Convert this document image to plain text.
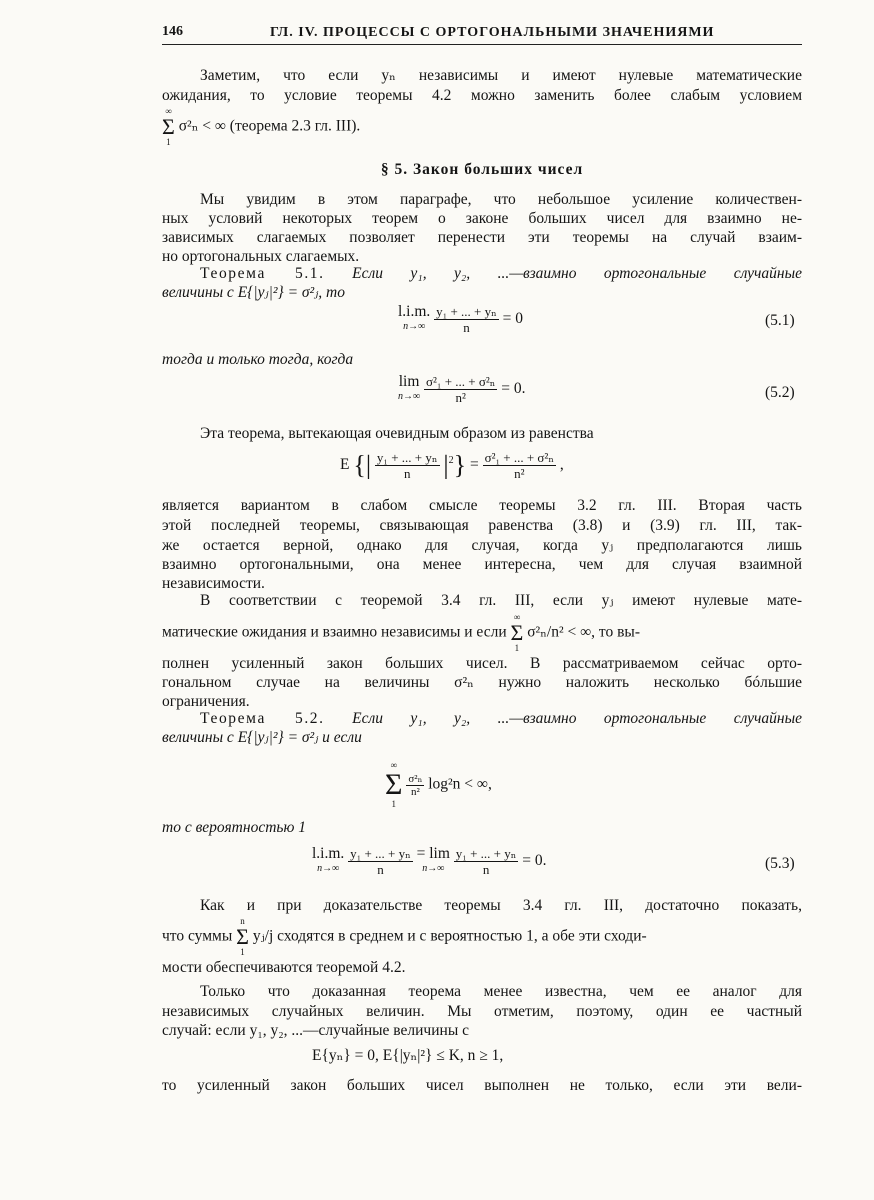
146	ГЛ. IV. ПРОЦЕССЫ С ОРТОГОНАЛЬНЫМИ ЗНАЧЕНИЯМИ
Заметим, что если yₙ независимы и имеют нулевые математические
ожидания, то условие теоремы 4.2 можно заменить более слабым условием
∞
Σ
1
σ²ₙ < ∞ (теорема 2.3 гл. III).
§ 5. Закон больших чисел
Мы увидим в этом параграфе, что небольшое усиление количествен-
ных условий некоторых теорем о законе больших чисел для взаимно не-
зависимых слагаемых позволяет перенести эти теоремы на случай взаим-
но ортогональных слагаемых.
Теорема 5.1. Если y₁, y₂, ...—взаимно ортогональные случайные
величины с E{|yⱼ|²} = σ²ⱼ, то
l.i.m.
n→∞
$\frac{\text{y₁ + ... + yₙ}}{n} = 0$	(5.1)
тогда и только тогда, когда
lim
n→∞
$\frac{\text{σ²₁ + ... + σ²ₙ}}{\text{n²}} = 0$.	(5.2)
Эта теорема, вытекающая очевидным образом из равенства
E {| $\frac{\text{y₁ + ... + yₙ}}{n} |^2\} = \frac{\text{σ²₁ + ... + σ²ₙ}}{\text{n²}}$ ,
является вариантом в слабом смысле теоремы 3.2 гл. III. Вторая часть
этой последней теоремы, связывающая равенства (3.8) и (3.9) гл. III, так-
же остается верной, однако для случая, когда yⱼ предполагаются лишь
взаимно ортогональными, она менее интересна, чем для случая взаимной
независимости.
В соответствии с теоремой 3.4 гл. III, если yⱼ имеют нулевые мате-
матические ожидания и взаимно независимы и если
∞
Σ
1
σ²ₙ/n² < ∞, то вы-
полнен усиленный закон больших чисел. В рассматриваемом сейчас орто-
гональном случае на величины σ²ₙ нужно наложить несколько бóльшие
ограничения.
Теорема 5.2. Если y₁, y₂, ...—взаимно ортогональные случайные
величины с E{|yⱼ|²} = σ²ⱼ и если
∞
Σ
1

$\frac{\text{σ²ₙ}}{\text{n²}} \log^2n$ < ∞,
то с вероятностью 1
l.i.m.
n→∞
$\frac{\text{y₁ + ... + yₙ}}{n} = \lim$
n→∞
$\frac{\text{y₁ + ... + yₙ}}{n} = 0$.	(5.3)
Как и при доказательстве теоремы 3.4 гл. III, достаточно показать,
что суммы
n
Σ
1
yⱼ/j сходятся в среднем и с вероятностью 1, а обе эти сходи-
мости обеспечиваются теоремой 4.2.
Только что доказанная теорема менее известна, чем ее аналог для
независимых случайных величин. Мы отметим, поэтому, один ее частный
случай: если y₁, y₂, ...—случайные величины с
E{yₙ} = 0, E{|yₙ|²} ≤ K, n ≥ 1,
то усиленный закон больших чисел выполнен не только, если эти вели-
